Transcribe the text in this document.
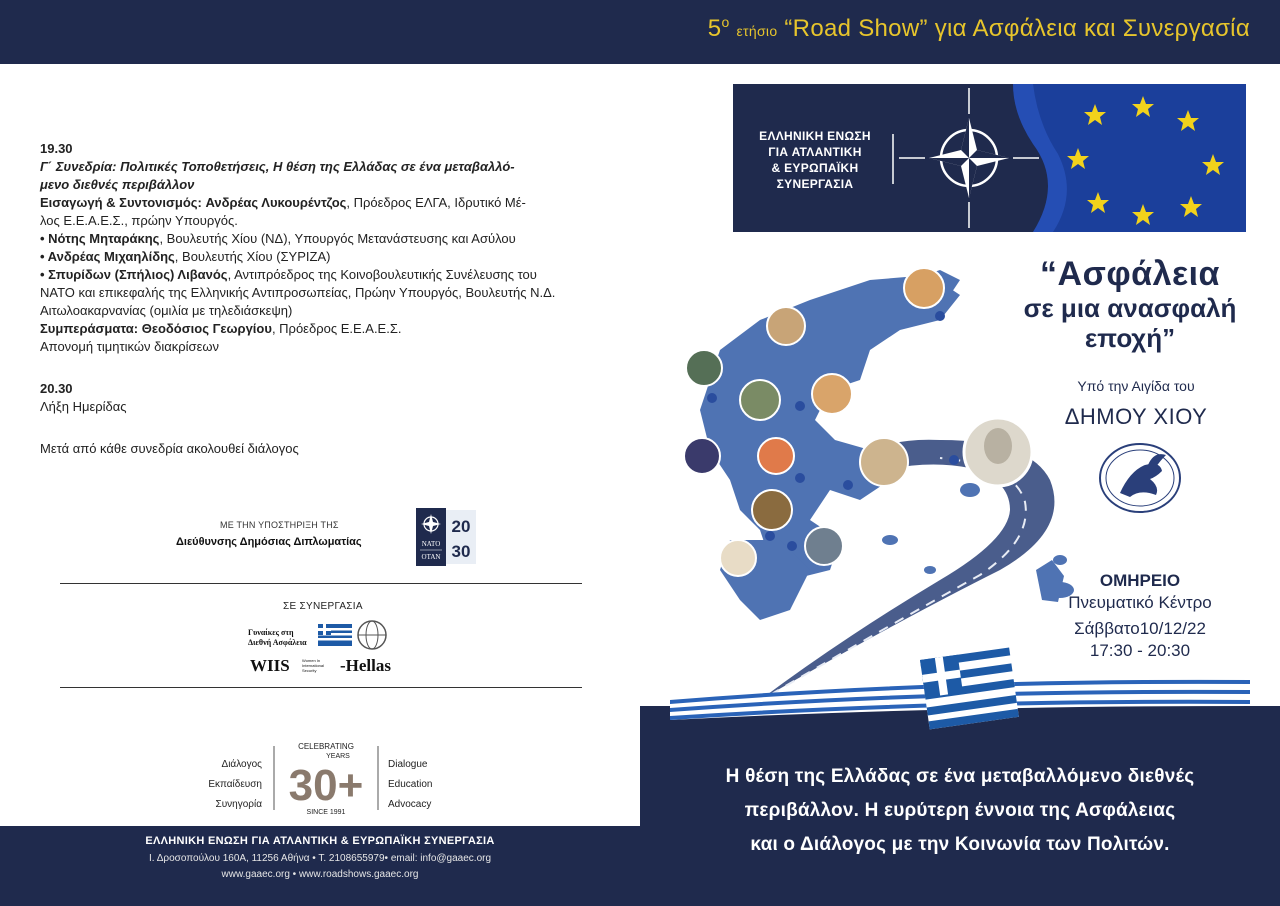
$5^o$ ετήσιο “Road Show” για Ασφάλεια και Συνεργασία
19.30
Γ΄ Συνεδρία: Πολιτικές Τοποθετήσεις, Η θέση της Ελλάδας σε ένα μεταβαλλό-
μενο διεθνές περιβάλλον
Εισαγωγή & Συντονισμός: Ανδρέας Λυκουρέντζος, Πρόεδρος ΕΛΓΑ, Ιδρυτικό Μέ-
λος Ε.Ε.Α.Ε.Σ., πρώην Υπουργός.
• Νότης Μηταράκης, Βουλευτής Χίου (ΝΔ), Υπουργός Μετανάστευσης και Ασύλου
• Ανδρέας Μιχαηλίδης, Βουλευτής Χίου (ΣΥΡΙΖΑ)
• Σπυρίδων (Σπήλιος) Λιβανός, Αντιπρόεδρος της Κοινοβουλευτικής Συνέλευσης του
ΝΑΤΟ και επικεφαλής της Ελληνικής Αντιπροσωπείας, Πρώην Υπουργός, Βουλευτής Ν.Δ.
Αιτωλοακαρνανίας (ομιλία με τηλεδιάσκεψη)
Συμπεράσματα: Θεοδόσιος Γεωργίου, Πρόεδρος Ε.Ε.Α.Ε.Σ.
Απονομή τιμητικών διακρίσεων
20.30
Λήξη Ημερίδας
Μετά από κάθε συνεδρία ακολουθεί διάλογος
ΜΕ ΤΗΝ ΥΠΟΣΤΗΡΙΞΗ ΤΗΣ
Διεύθυνσης Δημόσιας Διπλωματίας	NATO
OTAN
20
30
ΣΕ ΣΥΝΕΡΓΑΣΙΑ
Γυναίκες στη
Διεθνή Ασφάλεια
Women In
International
Security
WIIS	-Hellas
Διάλογος
Εκπαίδευση
Συνηγορία
CELEBRATING
YEARS
30+
SINCE 1991
Dialogue
Education
Advocacy
ΕΛΛΗΝΙΚΗ ΕΝΩΣΗ ΓΙΑ ΑΤΛΑΝΤΙΚΗ & ΕΥΡΩΠΑΪΚΗ ΣΥΝΕΡΓΑΣΙΑ
Ι. Δροσοπούλου 160Α, 11256 Αθήνα • Τ. 2108655979• email: info@gaaec.org
www.gaaec.org • www.roadshows.gaaec.org
ΕΛΛΗΝΙΚΗ ΕΝΩΣΗ
ΓΙΑ ΑΤΛΑΝΤΙΚΗ
& ΕΥΡΩΠΑΪΚΗ
ΣΥΝΕΡΓΑΣΙΑ
“Ασφάλεια
σε μια ανασφαλή
εποχή”
Υπό την Αιγίδα του
ΔΗΜΟΥ ΧΙΟΥ
ΟΜΗΡΕΙΟ
Πνευματικό Κέντρο
Σάββατο10/12/22
17:30 - 20:30
Η θέση της Ελλάδας σε ένα μεταβαλλόμενο διεθνές
περιβάλλον. Η ευρύτερη έννοια της Ασφάλειας
και ο Διάλογος με την Κοινωνία των Πολιτών.
